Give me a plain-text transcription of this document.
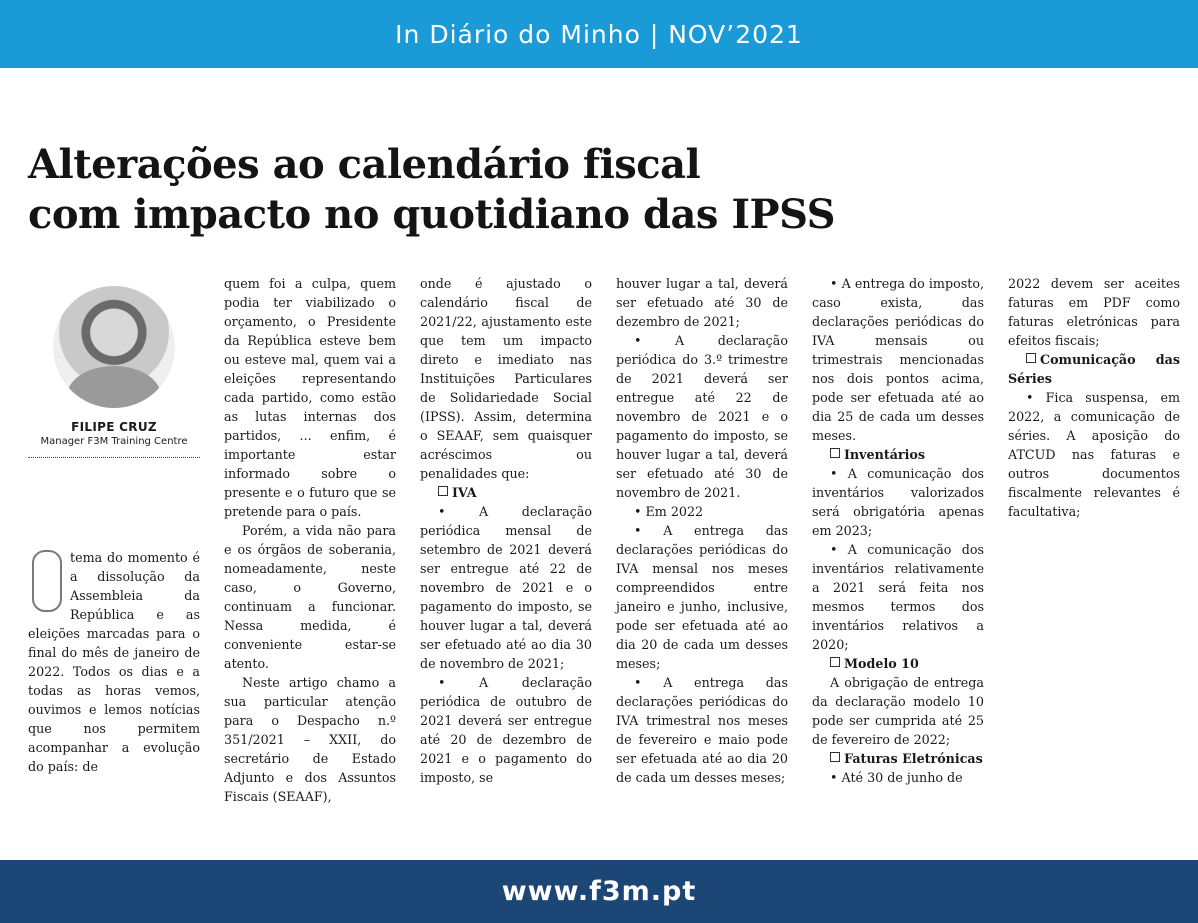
In Diário do Minho | NOV’2021
Alterações ao calendário fiscal
com impacto no quotidiano das IPSS
FILIPE CRUZ
Manager F3M Training Centre

tema do momento é a dissolução da Assembleia da República e as eleições marcadas para o final do mês de janeiro de 2022. Todos os dias e a todas as horas vemos, ouvimos e lemos notícias que nos permitem acompanhar a evolução do país: de

quem foi a culpa, quem podia ter viabilizado o orçamento, o Presidente da República esteve bem ou esteve mal, quem vai a eleições representando cada partido, como estão as lutas internas dos partidos, ... enfim, é importante estar informado sobre o presente e o futuro que se pretende para o país.

Porém, a vida não para e os órgãos de soberania, nomeadamente, neste caso, o Governo, continuam a funcionar. Nessa medida, é conveniente estar-se atento.

Neste artigo chamo a sua particular atenção para o Despacho n.º 351/2021 – XXII, do secretário de Estado Adjunto e dos Assuntos Fiscais (SEAAF),

onde é ajustado o calendário fiscal de 2021/22, ajustamento este que tem um impacto direto e imediato nas Instituições Particulares de Solidariedade Social (IPSS). Assim, determina o SEAAF, sem quaisquer acréscimos ou penalidades que:

IVA

• A declaração periódica mensal de setembro de 2021 deverá ser entregue até 22 de novembro de 2021 e o pagamento do imposto, se houver lugar a tal, deverá ser efetuado até ao dia 30 de novembro de 2021;

• A declaração periódica de outubro de 2021 deverá ser entregue até 20 de dezembro de 2021 e o pagamento do imposto, se

houver lugar a tal, deverá ser efetuado até 30 de dezembro de 2021;

• A declaração periódica do 3.º trimestre de 2021 deverá ser entregue até 22 de novembro de 2021 e o pagamento do imposto, se houver lugar a tal, deverá ser efetuado até 30 de novembro de 2021.

• Em 2022

• A entrega das declarações periódicas do IVA mensal nos meses compreendidos entre janeiro e junho, inclusive, pode ser efetuada até ao dia 20 de cada um desses meses;

• A entrega das declarações periódicas do IVA trimestral nos meses de fevereiro e maio pode ser efetuada até ao dia 20 de cada um desses meses;

• A entrega do imposto, caso exista, das declarações periódicas do IVA mensais ou trimestrais mencionadas nos dois pontos acima, pode ser efetuada até ao dia 25 de cada um desses meses.

Inventários

• A comunicação dos inventários valorizados será obrigatória apenas em 2023;

• A comunicação dos inventários relativamente a 2021 será feita nos mesmos termos dos inventários relativos a 2020;

Modelo 10

A obrigação de entrega da declaração modelo 10 pode ser cumprida até 25 de fevereiro de 2022;

Faturas Eletrónicas

• Até 30 de junho de

2022 devem ser aceites faturas em PDF como faturas eletrónicas para efeitos fiscais;

Comunicação das Séries

• Fica suspensa, em 2022, a comunicação de séries. A aposição do ATCUD nas faturas e outros documentos fiscalmente relevantes é facultativa;

www.f3m.pt
